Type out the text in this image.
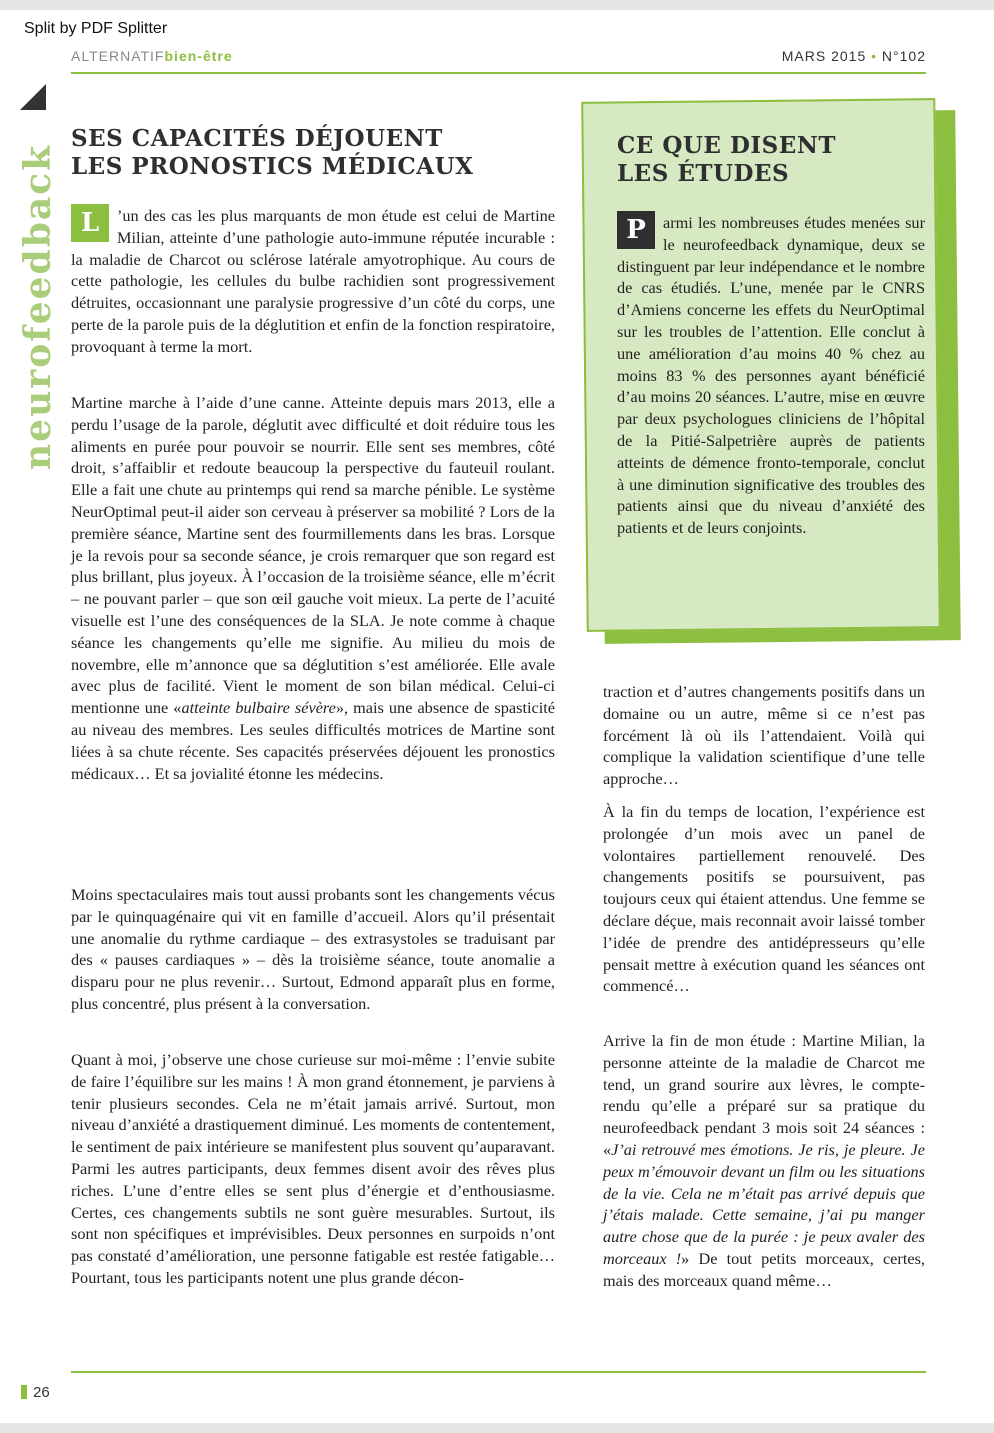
Split by PDF Splitter
ALTERNATIFbien-être	MARS 2015 • N°102
neurofeedback
SES CAPACITÉS DÉJOUENT
LES PRONOSTICS MÉDICAUX
L	’un des cas les plus marquants de mon étude est celui de Martine Milian, atteinte d’une pathologie auto-immune réputée incurable : la maladie de Charcot ou sclérose latérale amyotrophique. Au cours de cette pathologie, les cellules du bulbe rachidien sont progressivement détruites, occasionnant une paralysie progressive d’un côté du corps, une perte de la parole puis de la déglutition et enfin de la fonction respiratoire, provoquant à terme la mort.
Martine marche à l’aide d’une canne. Atteinte depuis mars 2013, elle a perdu l’usage de la parole, déglutit avec difficulté et doit réduire tous les aliments en purée pour pouvoir se nourrir. Elle sent ses membres, côté droit, s’affaiblir et redoute beaucoup la perspective du fauteuil roulant. Elle a fait une chute au printemps qui rend sa marche pénible. Le système NeurOptimal peut-il aider son cerveau à préserver sa mobilité ? Lors de la première séance, Martine sent des fourmillements dans les bras. Lorsque je la revois pour sa seconde séance, je crois remarquer que son regard est plus brillant, plus joyeux. À l’occasion de la troisième séance, elle m’écrit – ne pouvant parler – que son œil gauche voit mieux. La perte de l’acuité visuelle est l’une des conséquences de la SLA. Je note comme à chaque séance les changements qu’elle me signifie. Au milieu du mois de novembre, elle m’annonce que sa déglutition s’est améliorée. Elle avale avec plus de facilité. Vient le moment de son bilan médical. Celui-ci mentionne une «atteinte bulbaire sévère», mais une absence de spasticité au niveau des membres. Les seules difficultés motrices de Martine sont liées à sa chute récente. Ses capacités préservées déjouent les pronostics médicaux… Et sa jovialité étonne les médecins.
Moins spectaculaires mais tout aussi probants sont les changements vécus par le quinquagénaire qui vit en famille d’accueil. Alors qu’il présentait une anomalie du rythme cardiaque – des extrasystoles se traduisant par des « pauses cardiaques » – dès la troisième séance, toute anomalie a disparu pour ne plus revenir… Surtout, Edmond apparaît plus en forme, plus concentré, plus présent à la conversation.
Quant à moi, j’observe une chose curieuse sur moi-même : l’envie subite de faire l’équilibre sur les mains ! À mon grand étonnement, je parviens à tenir plusieurs secondes. Cela ne m’était jamais arrivé. Surtout, mon niveau d’anxiété a drastiquement diminué. Les moments de contentement, le sentiment de paix intérieure se manifestent plus souvent qu’auparavant. Parmi les autres participants, deux femmes disent avoir des rêves plus riches. L’une d’entre elles se sent plus d’énergie et d’enthousiasme. Certes, ces changements subtils ne sont guère mesurables. Surtout, ils sont non spécifiques et imprévisibles. Deux personnes en surpoids n’ont pas constaté d’amélioration, une personne fatigable est restée fatigable… Pourtant, tous les participants notent une plus grande décon-
CE QUE DISENT
LES ÉTUDES
P	armi les nombreuses études menées sur le neurofeedback dynamique, deux se distinguent par leur indépendance et le nombre de cas étudiés. L’une, menée par le CNRS d’Amiens concerne les effets du NeurOptimal sur les troubles de l’attention. Elle conclut à une amélioration d’au moins 40 % chez au moins 83 % des personnes ayant bénéficié d’au moins 20 séances. L’autre, mise en œuvre par deux psychologues cliniciens de l’hôpital de la Pitié-Salpetrière auprès de patients atteints de démence fronto-temporale, conclut à une diminution significative des troubles des patients ainsi que du niveau d’anxiété des patients et de leurs conjoints.
traction et d’autres changements positifs dans un domaine ou un autre, même si ce n’est pas forcément là où ils l’attendaient. Voilà qui complique la validation scientifique d’une telle approche…
À la fin du temps de location, l’expérience est prolongée d’un mois avec un panel de volontaires partiellement renouvelé. Des changements positifs se poursuivent, pas toujours ceux qui étaient attendus. Une femme se déclare déçue, mais reconnait avoir laissé tomber l’idée de prendre des antidépresseurs qu’elle pensait mettre à exécution quand les séances ont commencé…
Arrive la fin de mon étude : Martine Milian, la personne atteinte de la maladie de Charcot me tend, un grand sourire aux lèvres, le compte-rendu qu’elle a préparé sur sa pratique du neurofeedback pendant 3 mois soit 24 séances : «J’ai retrouvé mes émotions. Je ris, je pleure. Je peux m’émouvoir devant un film ou les situations de la vie. Cela ne m’était pas arrivé depuis que j’étais malade. Cette semaine, j’ai pu manger autre chose que de la purée : je peux avaler des morceaux !» De tout petits morceaux, certes, mais des morceaux quand même…
26
